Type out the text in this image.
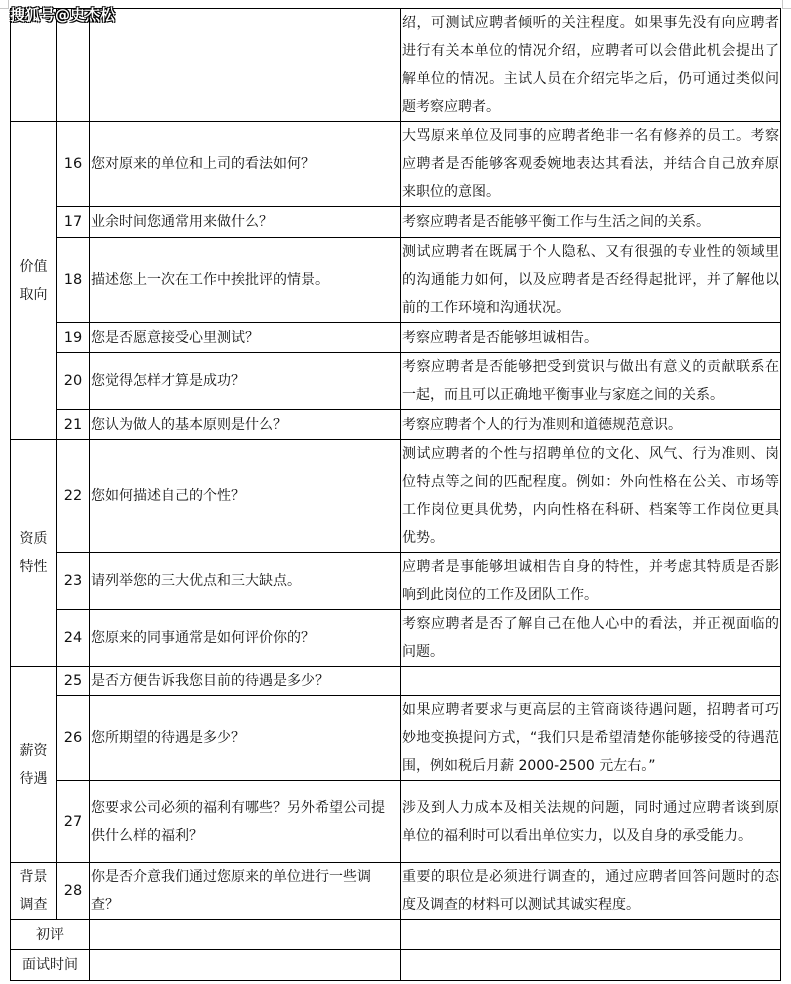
搜狐号@史杰松
				绍，可测试应聘者倾听的关注程度。如果事先没有向应聘者进行有关本单位的情况介绍，应聘者可以会借此机会提出了解单位的情况。主试人员在介绍完毕之后，仍可通过类似问题考察应聘者。

价值
取向	16	您对原来的单位和上司的看法如何？	大骂原来单位及同事的应聘者绝非一名有修养的员工。考察应聘者是否能够客观委婉地表达其看法，并结合自己放弃原来职位的意图。
	17	业余时间您通常用来做什么？	考察应聘者是否能够平衡工作与生活之间的关系。
	18	描述您上一次在工作中挨批评的情景。	测试应聘者在既属于个人隐私、又有很强的专业性的领域里的沟通能力如何，以及应聘者是否经得起批评，并了解他以前的工作环境和沟通状况。
	19	您是否愿意接受心里测试？	考察应聘者是否能够坦诚相告。
	20	您觉得怎样才算是成功？	考察应聘者是否能够把受到赏识与做出有意义的贡献联系在一起，而且可以正确地平衡事业与家庭之间的关系。
	21	您认为做人的基本原则是什么？	考察应聘者个人的行为准则和道德规范意识。

资质
特性	22	您如何描述自己的个性？	测试应聘者的个性与招聘单位的文化、风气、行为准则、岗位特点等之间的匹配程度。例如：外向性格在公关、市场等工作岗位更具优势，内向性格在科研、档案等工作岗位更具优势。
	23	请列举您的三大优点和三大缺点。	应聘者是事能够坦诚相告自身的特性，并考虑其特质是否影响到此岗位的工作及团队工作。
	24	您原来的同事通常是如何评价你的？	考察应聘者是否了解自己在他人心中的看法，并正视面临的问题。

薪资
待遇	25	是否方便告诉我您目前的待遇是多少？	
	26	您所期望的待遇是多少？	如果应聘者要求与更高层的主管商谈待遇问题，招聘者可巧妙地变换提问方式，“我们只是希望清楚你能够接受的待遇范围，例如税后月薪 2000-2500 元左右。”
	27	您要求公司必须的福利有哪些？另外希望公司提供什么样的福利？	涉及到人力成本及相关法规的问题，同时通过应聘者谈到原单位的福利时可以看出单位实力，以及自身的承受能力。

背景
调查	28	你是否介意我们通过您原来的单位进行一些调查？	重要的职位是必须进行调查的，通过应聘者回答问题时的态度及调查的材料可以测试其诚实程度。
初评			
面试时间			
